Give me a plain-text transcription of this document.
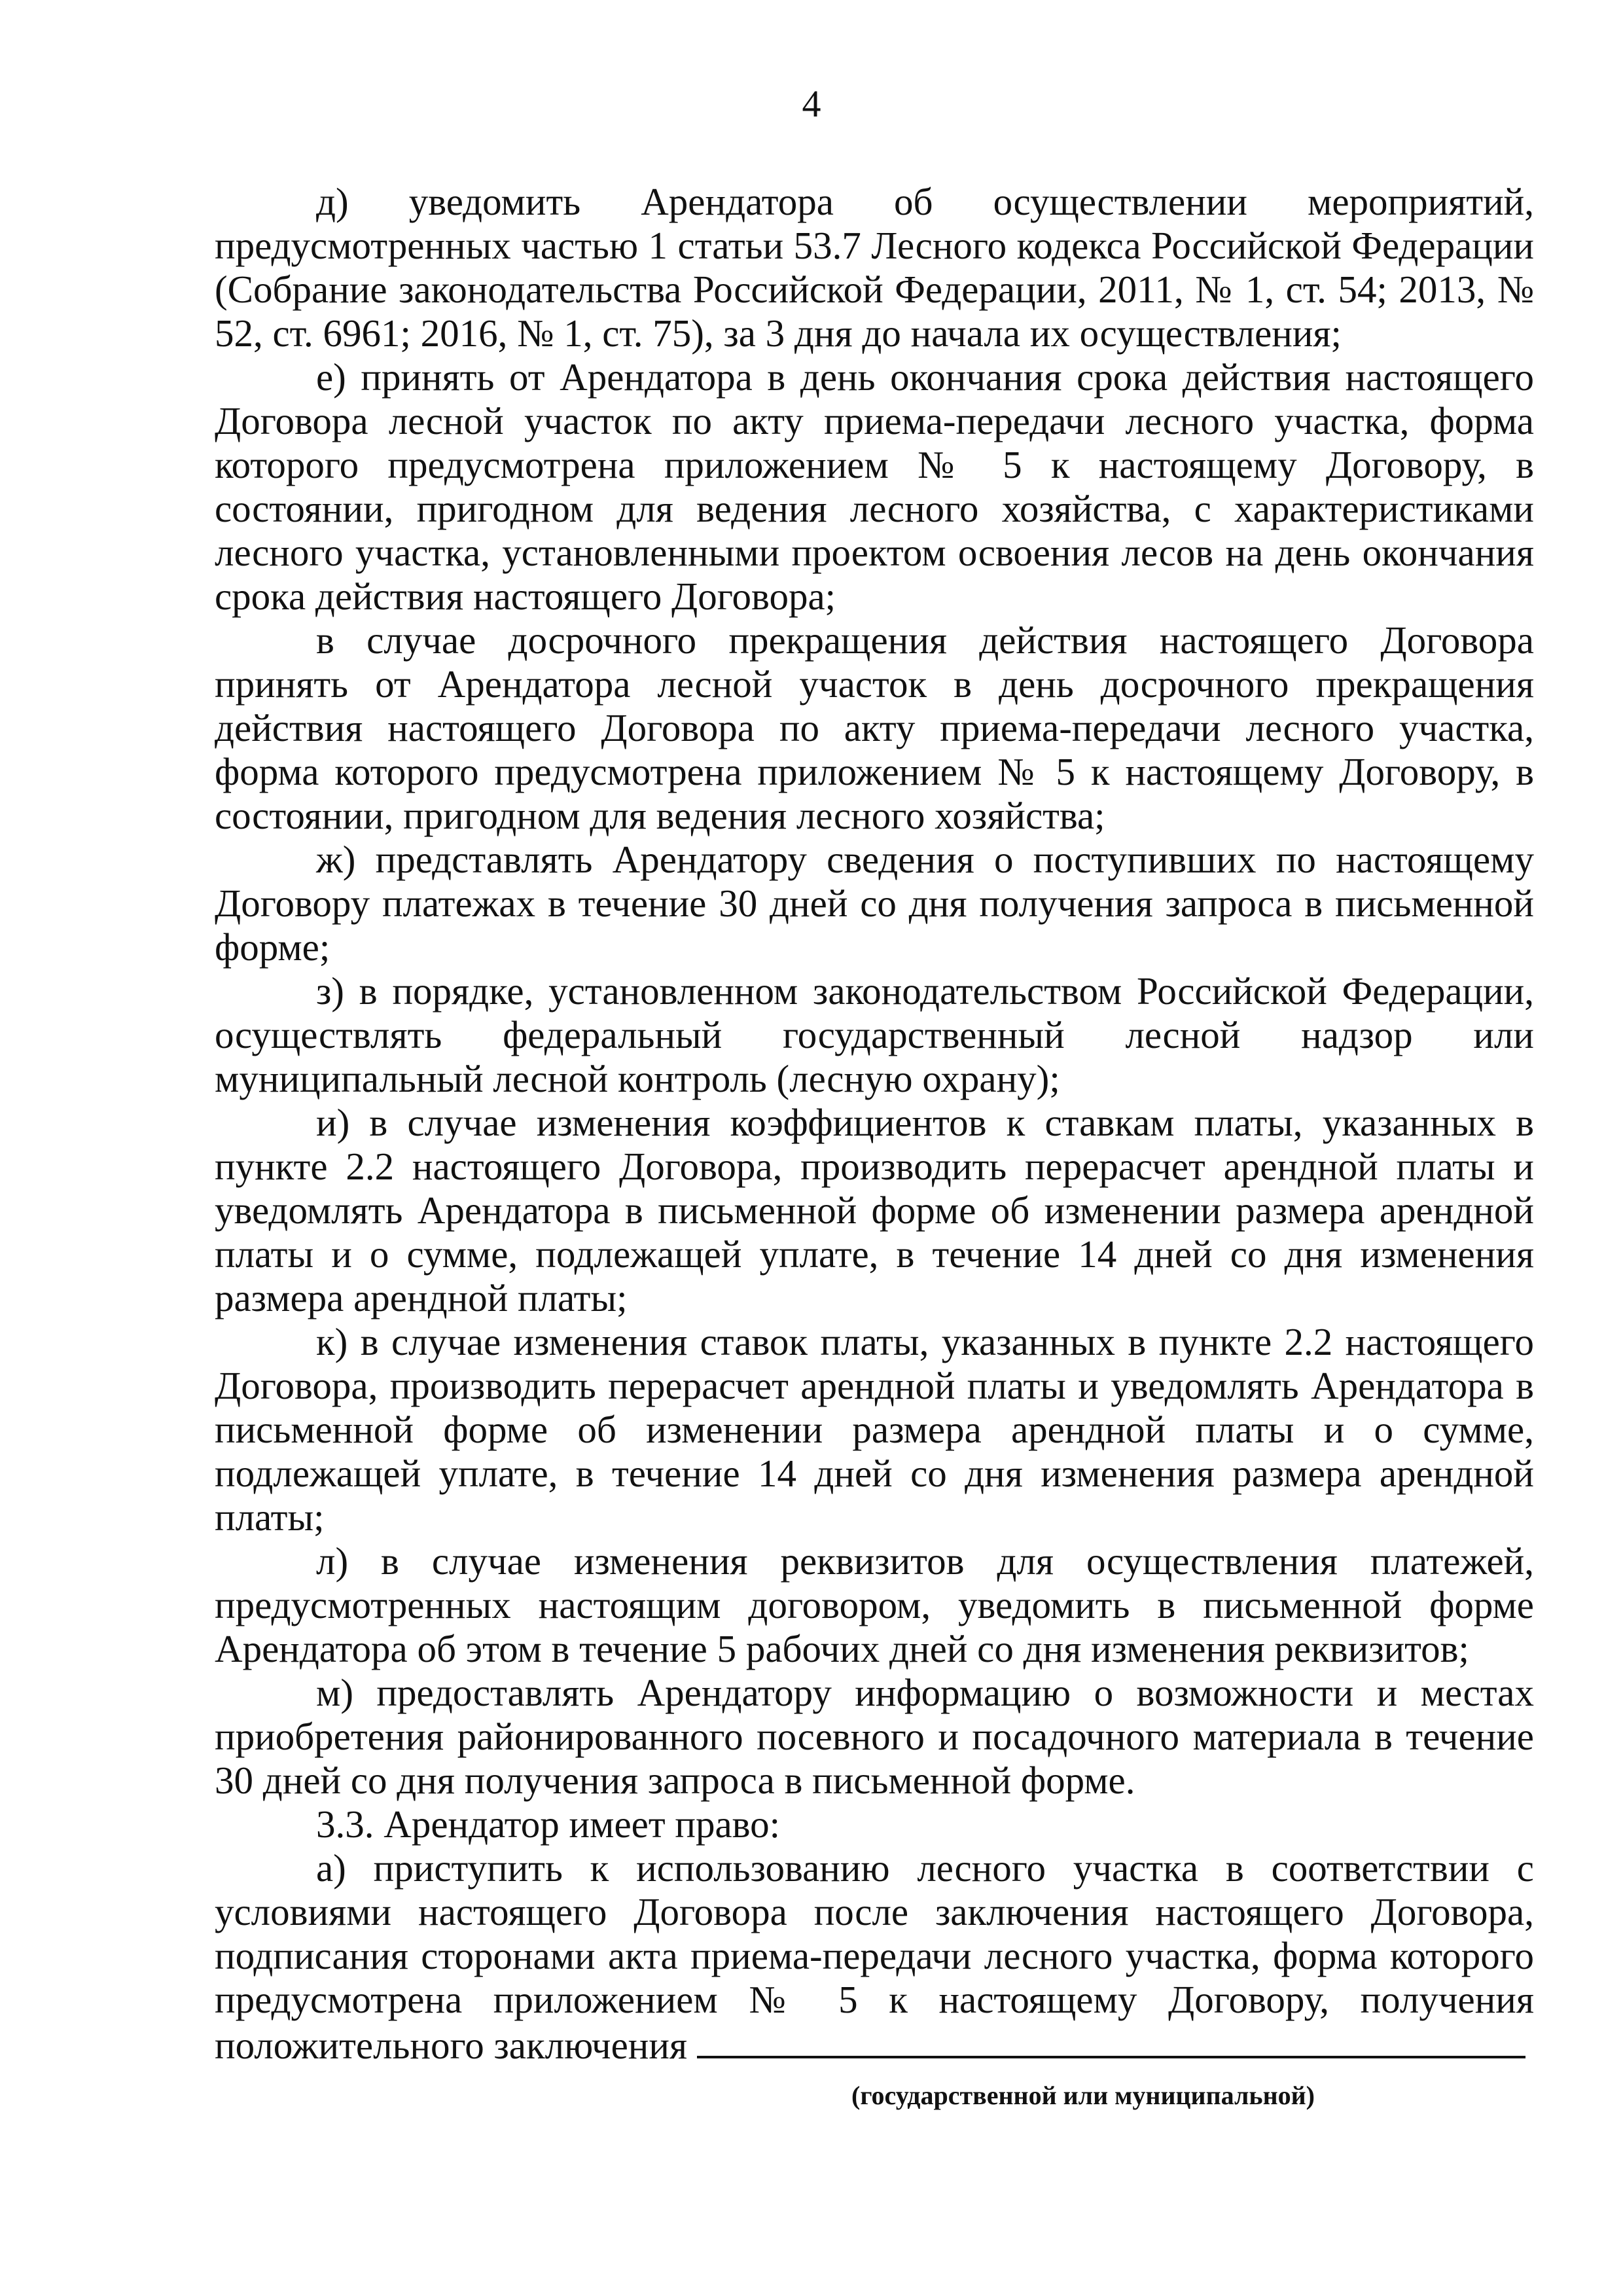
4

д) уведомить Арендатора об осуществлении мероприятий, предусмотренных частью 1 статьи 53.7 Лесного кодекса Российской Федерации (Собрание законодательства Российской Федерации, 2011, № 1, ст. 54; 2013, № 52, ст. 6961; 2016, № 1, ст. 75), за 3 дня до начала их осуществления;

е) принять от Арендатора в день окончания срока действия настоящего Договора лесной участок по акту приема-передачи лесного участка, форма которого предусмотрена приложением № 5 к настоящему Договору, в состоянии, пригодном для ведения лесного хозяйства, с характеристиками лесного участка, установленными проектом освоения лесов на день окончания срока действия настоящего Договора;

в случае досрочного прекращения действия настоящего Договора принять от Арендатора лесной участок в день досрочного прекращения действия настоящего Договора по акту приема-передачи лесного участка, форма которого предусмотрена приложением № 5 к настоящему Договору, в состоянии, пригодном для ведения лесного хозяйства;

ж) представлять Арендатору сведения о поступивших по настоящему Договору платежах в течение 30 дней со дня получения запроса в письменной форме;

з) в порядке, установленном законодательством Российской Федерации, осуществлять федеральный государственный лесной надзор или муниципальный лесной контроль (лесную охрану);

и) в случае изменения коэффициентов к ставкам платы, указанных в пункте 2.2 настоящего Договора, производить перерасчет арендной платы и уведомлять Арендатора в письменной форме об изменении размера арендной платы и о сумме, подлежащей уплате, в течение 14 дней со дня изменения размера арендной платы;

к) в случае изменения ставок платы, указанных в пункте 2.2 настоящего Договора, производить перерасчет арендной платы и уведомлять Арендатора в письменной форме об изменении размера арендной платы и о сумме, подлежащей уплате, в течение 14 дней со дня изменения размера арендной платы;

л) в случае изменения реквизитов для осуществления платежей, предусмотренных настоящим договором, уведомить в письменной форме Арендатора об этом в течение 5 рабочих дней со дня изменения реквизитов;

м) предоставлять Арендатору информацию о возможности и местах приобретения районированного посевного и посадочного материала в течение 30 дней со дня получения запроса в письменной форме.

3.3. Арендатор имеет право:

а) приступить к использованию лесного участка в соответствии с условиями настоящего Договора после заключения настоящего Договора, подписания сторонами акта приема-передачи лесного участка, форма которого предусмотрена приложением № 5 к настоящему Договору, получения положительного заключения
(государственной или муниципальной)
